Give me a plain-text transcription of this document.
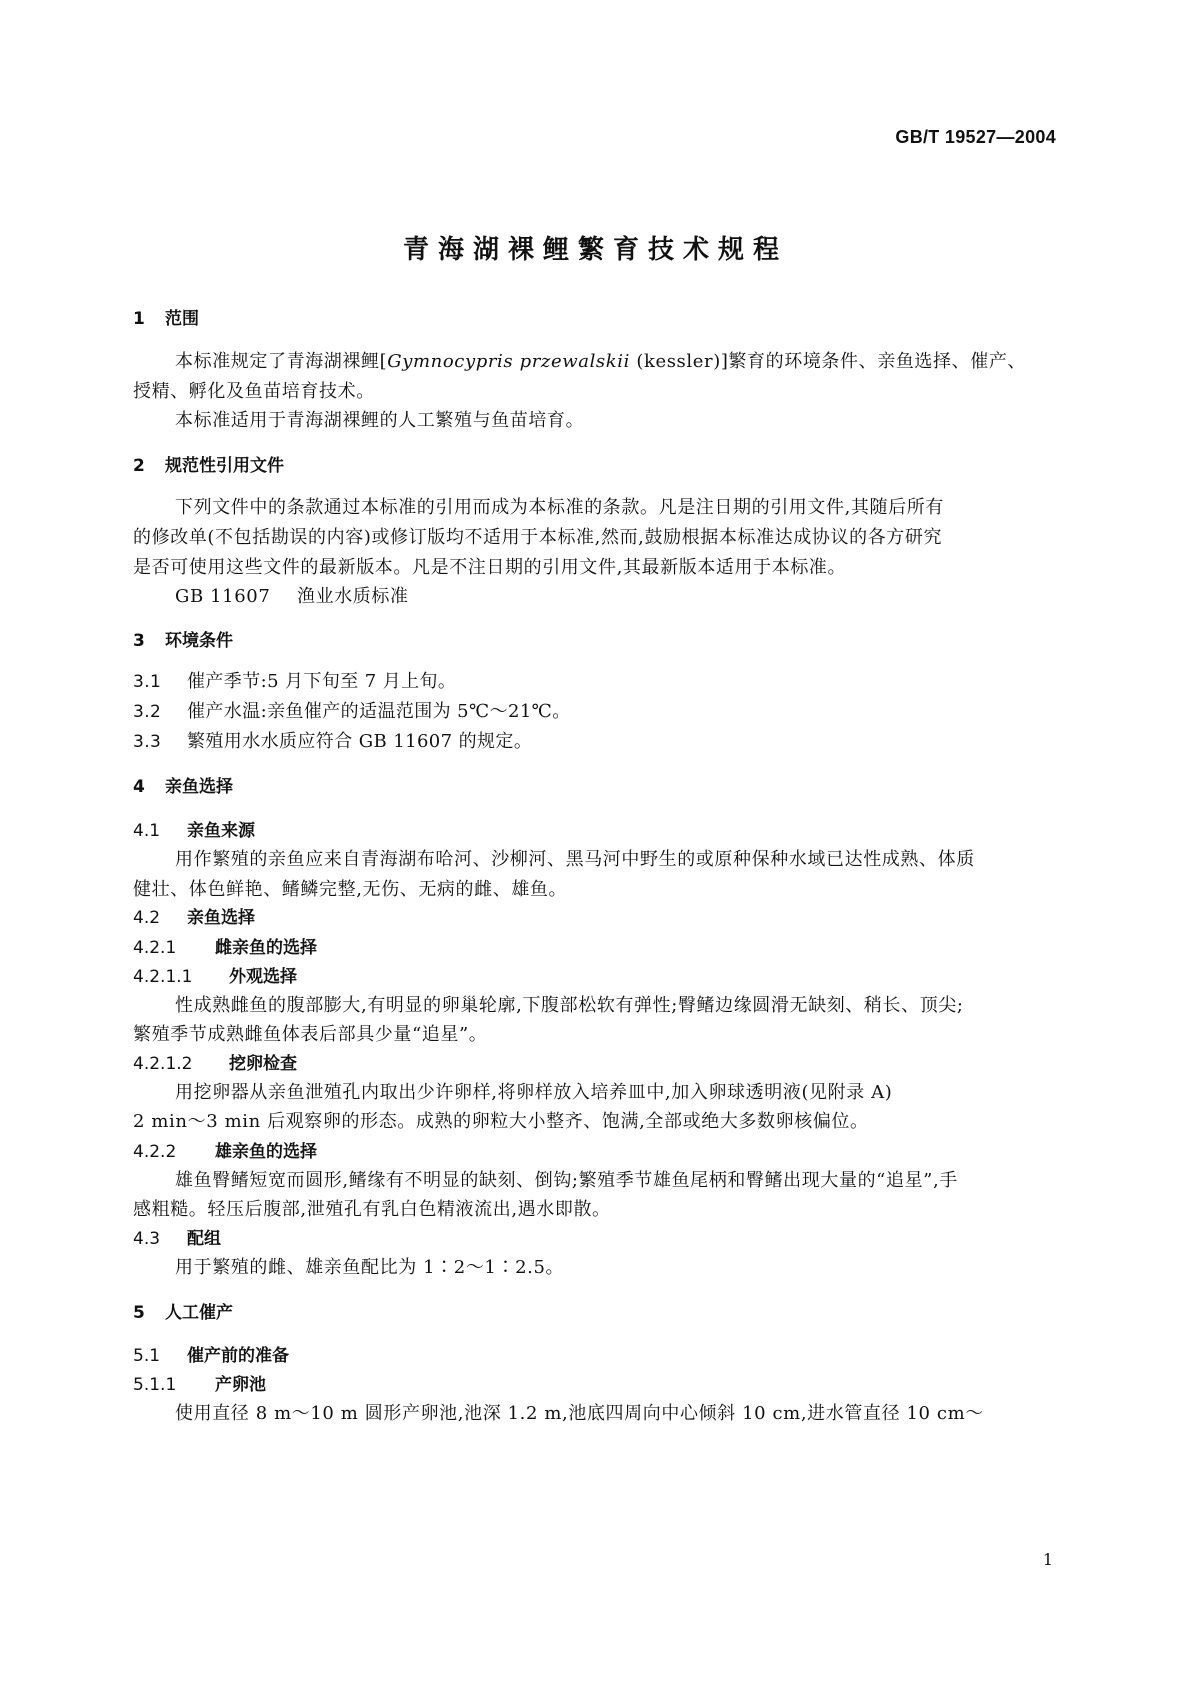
GB/T 19527—2004
青海湖裸鲤繁育技术规程
1 范围
本标准规定了青海湖裸鲤[Gymnocypris przewalskii (kessler)]繁育的环境条件、亲鱼选择、催产、
授精、孵化及鱼苗培育技术。
本标准适用于青海湖裸鲤的人工繁殖与鱼苗培育。
2 规范性引用文件
下列文件中的条款通过本标准的引用而成为本标准的条款。凡是注日期的引用文件,其随后所有
的修改单(不包括勘误的内容)或修订版均不适用于本标准,然而,鼓励根据本标准达成协议的各方研究
是否可使用这些文件的最新版本。凡是不注日期的引用文件,其最新版本适用于本标准。
GB 11607 渔业水质标准
3 环境条件
3.1 催产季节:5 月下旬至 7 月上旬。
3.2 催产水温:亲鱼催产的适温范围为 5℃～21℃。
3.3 繁殖用水水质应符合 GB 11607 的规定。
4 亲鱼选择
4.1 亲鱼来源
用作繁殖的亲鱼应来自青海湖布哈河、沙柳河、黑马河中野生的或原种保种水域已达性成熟、体质
健壮、体色鲜艳、鳍鳞完整,无伤、无病的雌、雄鱼。
4.2 亲鱼选择
4.2.1 雌亲鱼的选择
4.2.1.1 外观选择
性成熟雌鱼的腹部膨大,有明显的卵巢轮廓,下腹部松软有弹性;臀鳍边缘圆滑无缺刻、稍长、顶尖;
繁殖季节成熟雌鱼体表后部具少量“追星”。
4.2.1.2 挖卵检查
用挖卵器从亲鱼泄殖孔内取出少许卵样,将卵样放入培养皿中,加入卵球透明液(见附录 A)
2 min～3 min 后观察卵的形态。成熟的卵粒大小整齐、饱满,全部或绝大多数卵核偏位。
4.2.2 雄亲鱼的选择
雄鱼臀鳍短宽而圆形,鳍缘有不明显的缺刻、倒钩;繁殖季节雄鱼尾柄和臀鳍出现大量的“追星”,手
感粗糙。轻压后腹部,泄殖孔有乳白色精液流出,遇水即散。
4.3 配组
用于繁殖的雌、雄亲鱼配比为 1∶2～1∶2.5。
5 人工催产
5.1 催产前的准备
5.1.1 产卵池
使用直径 8 m～10 m 圆形产卵池,池深 1.2 m,池底四周向中心倾斜 10 cm,进水管直径 10 cm～
1
